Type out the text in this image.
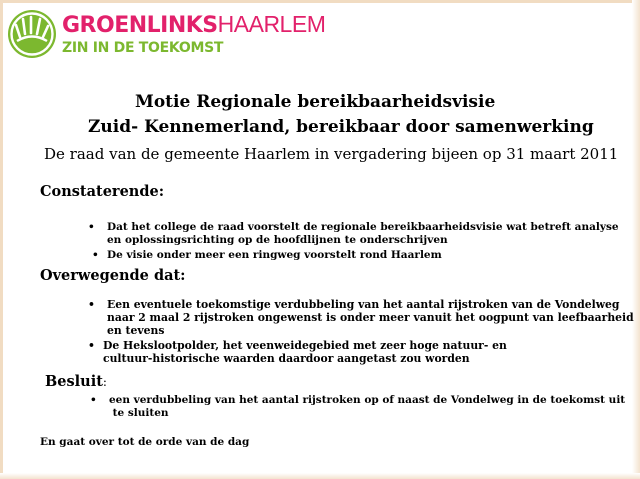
GROENLINKSHAARLEM
ZIN IN DE TOEKOMST
Motie Regionale bereikbaarheidsvisie
Zuid- Kennemerland, bereikbaar door samenwerking
De raad van de gemeente Haarlem in vergadering bijeen op 31 maart 2011
Constaterende:
• Dat het college de raad voorstelt de regionale bereikbaarheidsvisie wat betreft analyse
en oplossingsrichting op de hoofdlijnen te onderschrijven
• De visie onder meer een ringweg voorstelt rond Haarlem
Overwegende dat:
• Een eventuele toekomstige verdubbeling van het aantal rijstroken van de Vondelweg
naar 2 maal 2 rijstroken ongewenst is onder meer vanuit het oogpunt van leefbaarheid
en tevens
• De Hekslootpolder, het veenweidegebied met zeer hoge natuur- en
cultuur-historische waarden daardoor aangetast zou worden
Besluit:
• een verdubbeling van het aantal rijstroken op of naast de Vondelweg in de toekomst uit
te sluiten
En gaat over tot de orde van de dag
